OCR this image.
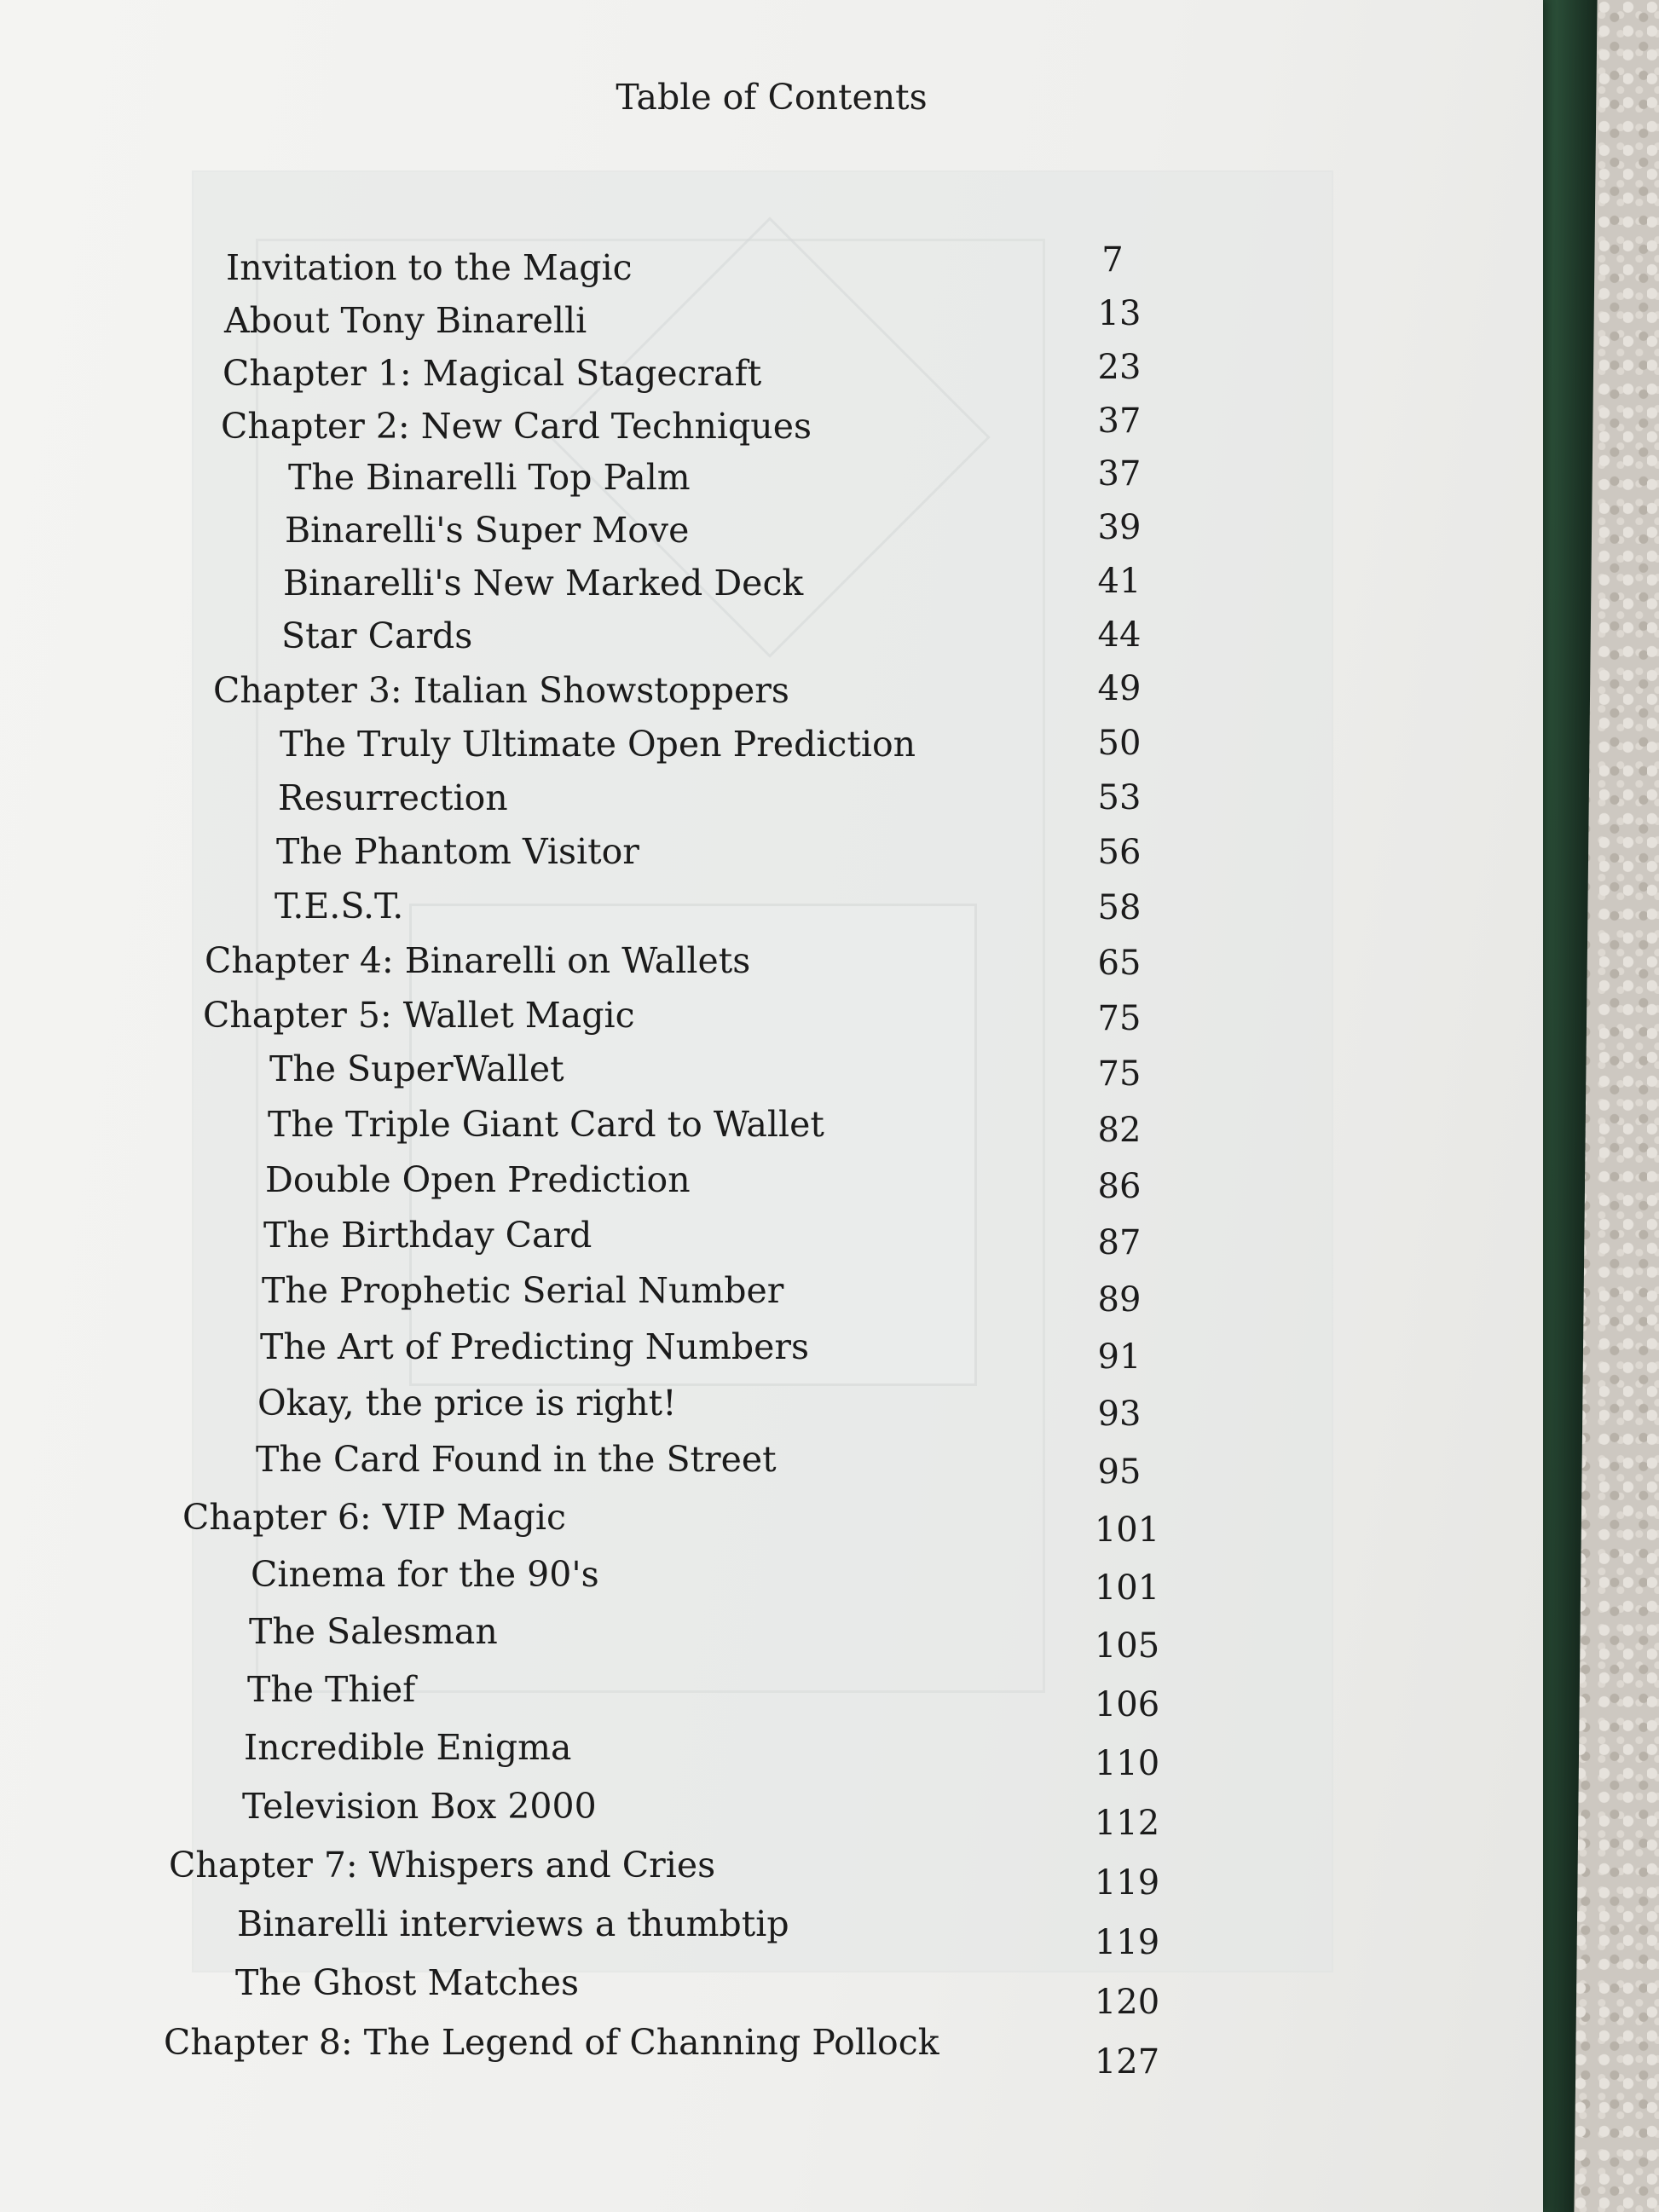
Table of Contents
Invitation to the Magic	7
About Tony Binarelli	13
Chapter 1: Magical Stagecraft	23
Chapter 2: New Card Techniques	37
The Binarelli Top Palm	37
Binarelli's Super Move	39
Binarelli's New Marked Deck	41
Star Cards	44
Chapter 3: Italian Showstoppers	49
The Truly Ultimate Open Prediction	50
Resurrection	53
The Phantom Visitor	56
T.E.S.T.	58
Chapter 4: Binarelli on Wallets	65
Chapter 5: Wallet Magic	75
The SuperWallet	75
The Triple Giant Card to Wallet	82
Double Open Prediction	86
The Birthday Card	87
The Prophetic Serial Number	89
The Art of Predicting Numbers	91
Okay, the price is right!	93
The Card Found in the Street	95
Chapter 6: VIP Magic	101
Cinema for the 90's	101
The Salesman	105
The Thief	106
Incredible Enigma	110
Television Box 2000	112
Chapter 7: Whispers and Cries	119
Binarelli interviews a thumbtip	119
The Ghost Matches	120
Chapter 8: The Legend of Channing Pollock	127
